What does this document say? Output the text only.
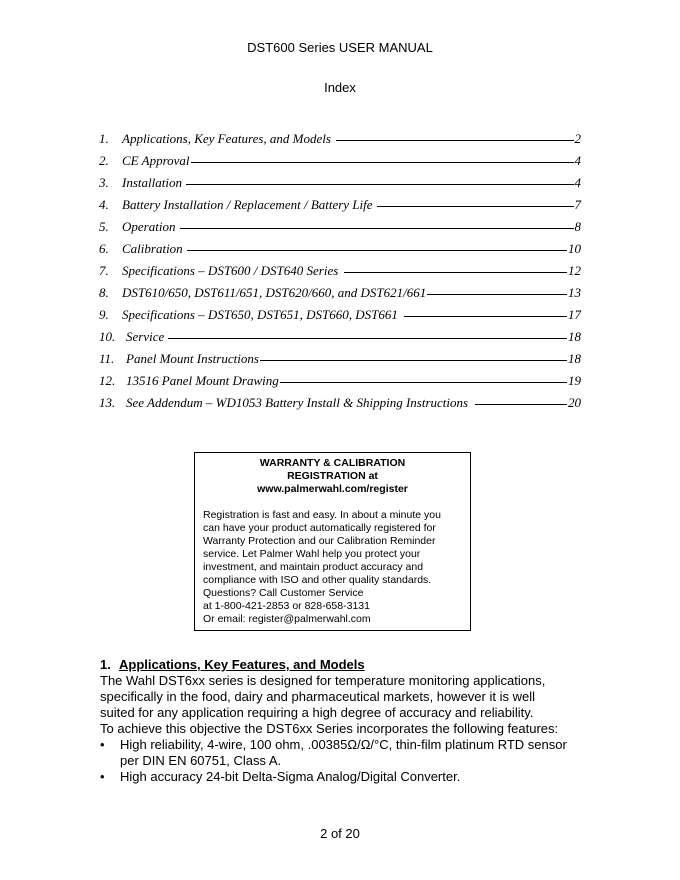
DST600 Series USER MANUAL
Index
1.	Applications, Key Features, and Models	2
2.	CE Approval	4
3.	Installation	4
4.	Battery Installation / Replacement / Battery Life	7
5.	Operation	8
6.	Calibration	10
7.	Specifications – DST600 / DST640 Series	12
8.	DST610/650, DST611/651, DST620/660, and DST621/661	13
9.	Specifications – DST650, DST651, DST660, DST661	17
10. Service	18
11. Panel Mount Instructions	18
12. 13516 Panel Mount Drawing	19
13. See Addendum – WD1053 Battery Install & Shipping Instructions	20
WARRANTY & CALIBRATION
REGISTRATION at
www.palmerwahl.com/register

Registration is fast and easy. In about a minute you

can have your product automatically registered for

Warranty Protection and our Calibration Reminder

service. Let Palmer Wahl help you protect your

investment, and maintain product accuracy and

compliance with ISO and other quality standards.

Questions? Call Customer Service

at 1-800-421-2853 or 828-658-3131

Or email: register@palmerwahl.com

1. Applications, Key Features, and Models

The Wahl DST6xx series is designed for temperature monitoring applications,

specifically in the food, dairy and pharmaceutical markets, however it is well

suited for any application requiring a high degree of accuracy and reliability.

To achieve this objective the DST6xx Series incorporates the following features:

• High reliability, 4-wire, 100 ohm, .00385Ω/Ω/°C, thin-film platinum RTD sensor per DIN EN 60751, Class A.
• High accuracy 24-bit Delta-Sigma Analog/Digital Converter.
2 of 20
